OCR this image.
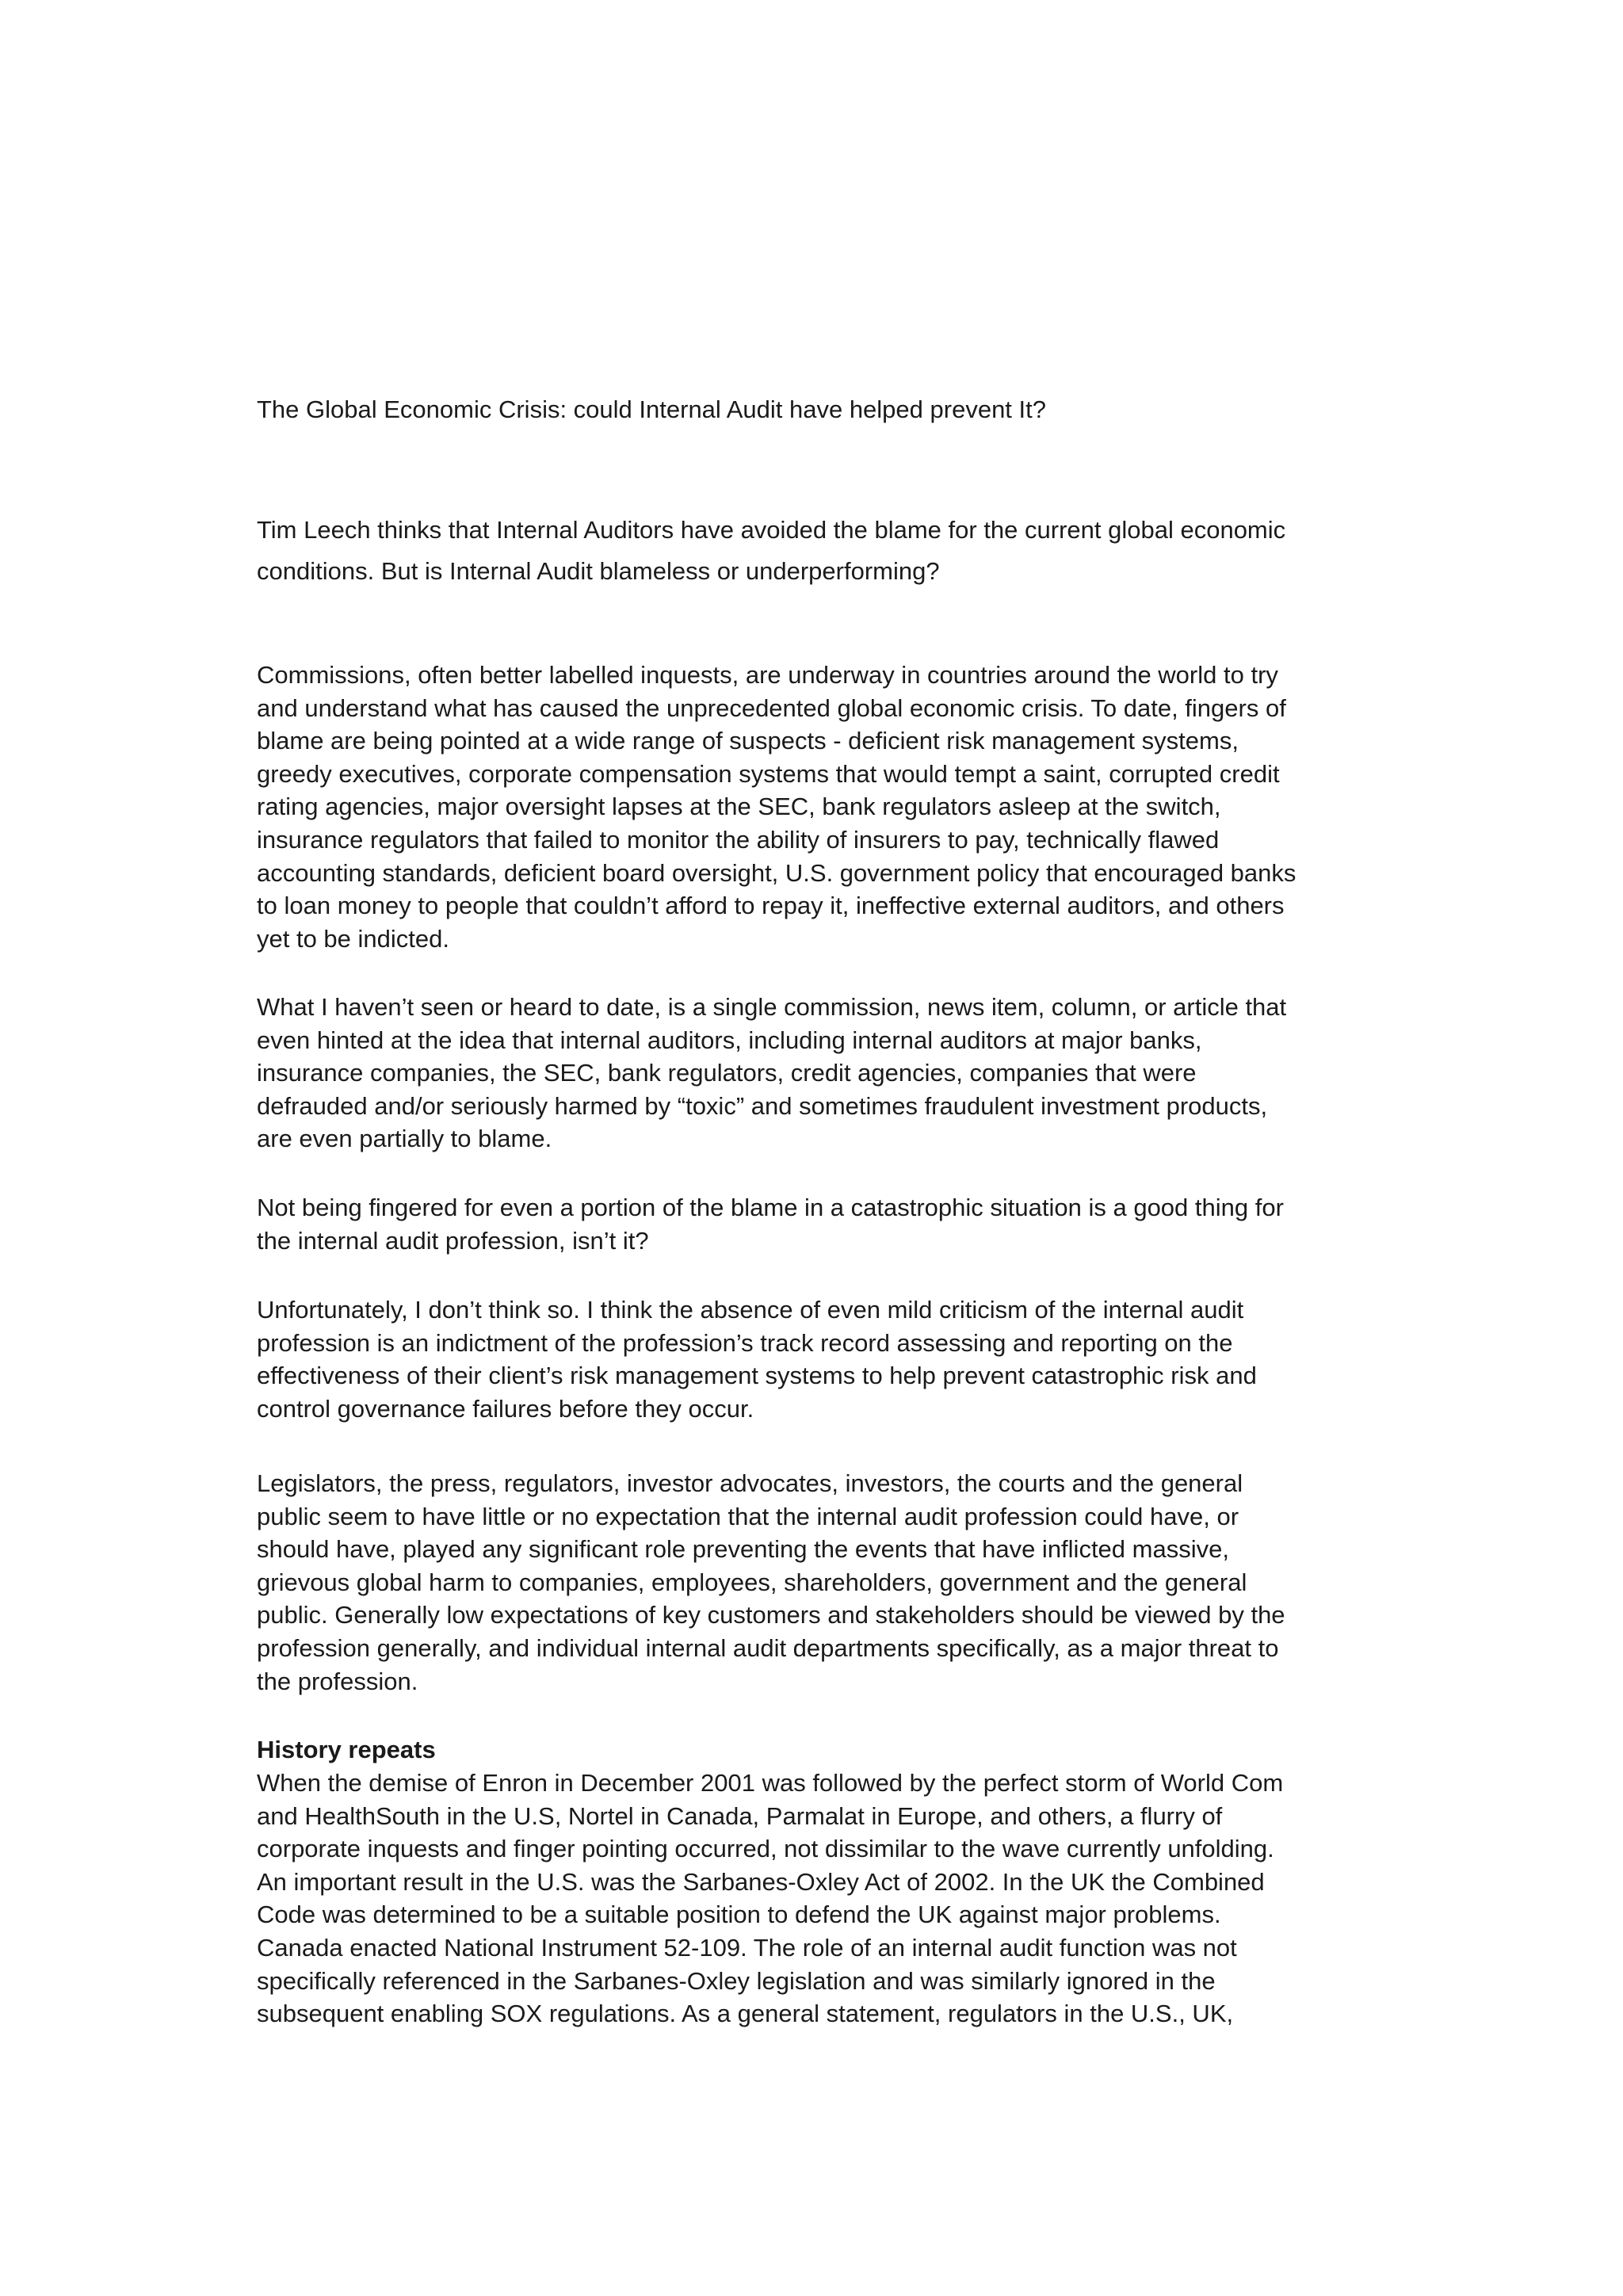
The Global Economic Crisis: could Internal Audit have helped prevent It?

Tim Leech thinks that Internal Auditors have avoided the blame for the current global economic
conditions. But is Internal Audit blameless or underperforming?

Commissions, often better labelled inquests, are underway in countries around the world to try
and understand what has caused the unprecedented global economic crisis. To date, fingers of
blame are being pointed at a wide range of suspects - deficient risk management systems,
greedy executives, corporate compensation systems that would tempt a saint, corrupted credit
rating agencies, major oversight lapses at the SEC, bank regulators asleep at the switch,
insurance regulators that failed to monitor the ability of insurers to pay, technically flawed
accounting standards, deficient board oversight, U.S. government policy that encouraged banks
to loan money to people that couldn’t afford to repay it, ineffective external auditors, and others
yet to be indicted.

What I haven’t seen or heard to date, is a single commission, news item, column, or article that
even hinted at the idea that internal auditors, including internal auditors at major banks,
insurance companies, the SEC, bank regulators, credit agencies, companies that were
defrauded and/or seriously harmed by “toxic” and sometimes fraudulent investment products,
are even partially to blame.

Not being fingered for even a portion of the blame in a catastrophic situation is a good thing for
the internal audit profession, isn’t it?

Unfortunately, I don’t think so. I think the absence of even mild criticism of the internal audit
profession is an indictment of the profession’s track record assessing and reporting on the
effectiveness of their client’s risk management systems to help prevent catastrophic risk and
control governance failures before they occur.

Legislators, the press, regulators, investor advocates, investors, the courts and the general
public seem to have little or no expectation that the internal audit profession could have, or
should have, played any significant role preventing the events that have inflicted massive,
grievous global harm to companies, employees, shareholders, government and the general
public. Generally low expectations of key customers and stakeholders should be viewed by the
profession generally, and individual internal audit departments specifically, as a major threat to
the profession.

History repeats

When the demise of Enron in December 2001 was followed by the perfect storm of World Com
and HealthSouth in the U.S, Nortel in Canada, Parmalat in Europe, and others, a flurry of
corporate inquests and finger pointing occurred, not dissimilar to the wave currently unfolding.
An important result in the U.S. was the Sarbanes-Oxley Act of 2002. In the UK the Combined
Code was determined to be a suitable position to defend the UK against major problems.
Canada enacted National Instrument 52-109. The role of an internal audit function was not
specifically referenced in the Sarbanes-Oxley legislation and was similarly ignored in the
subsequent enabling SOX regulations. As a general statement, regulators in the U.S., UK,
